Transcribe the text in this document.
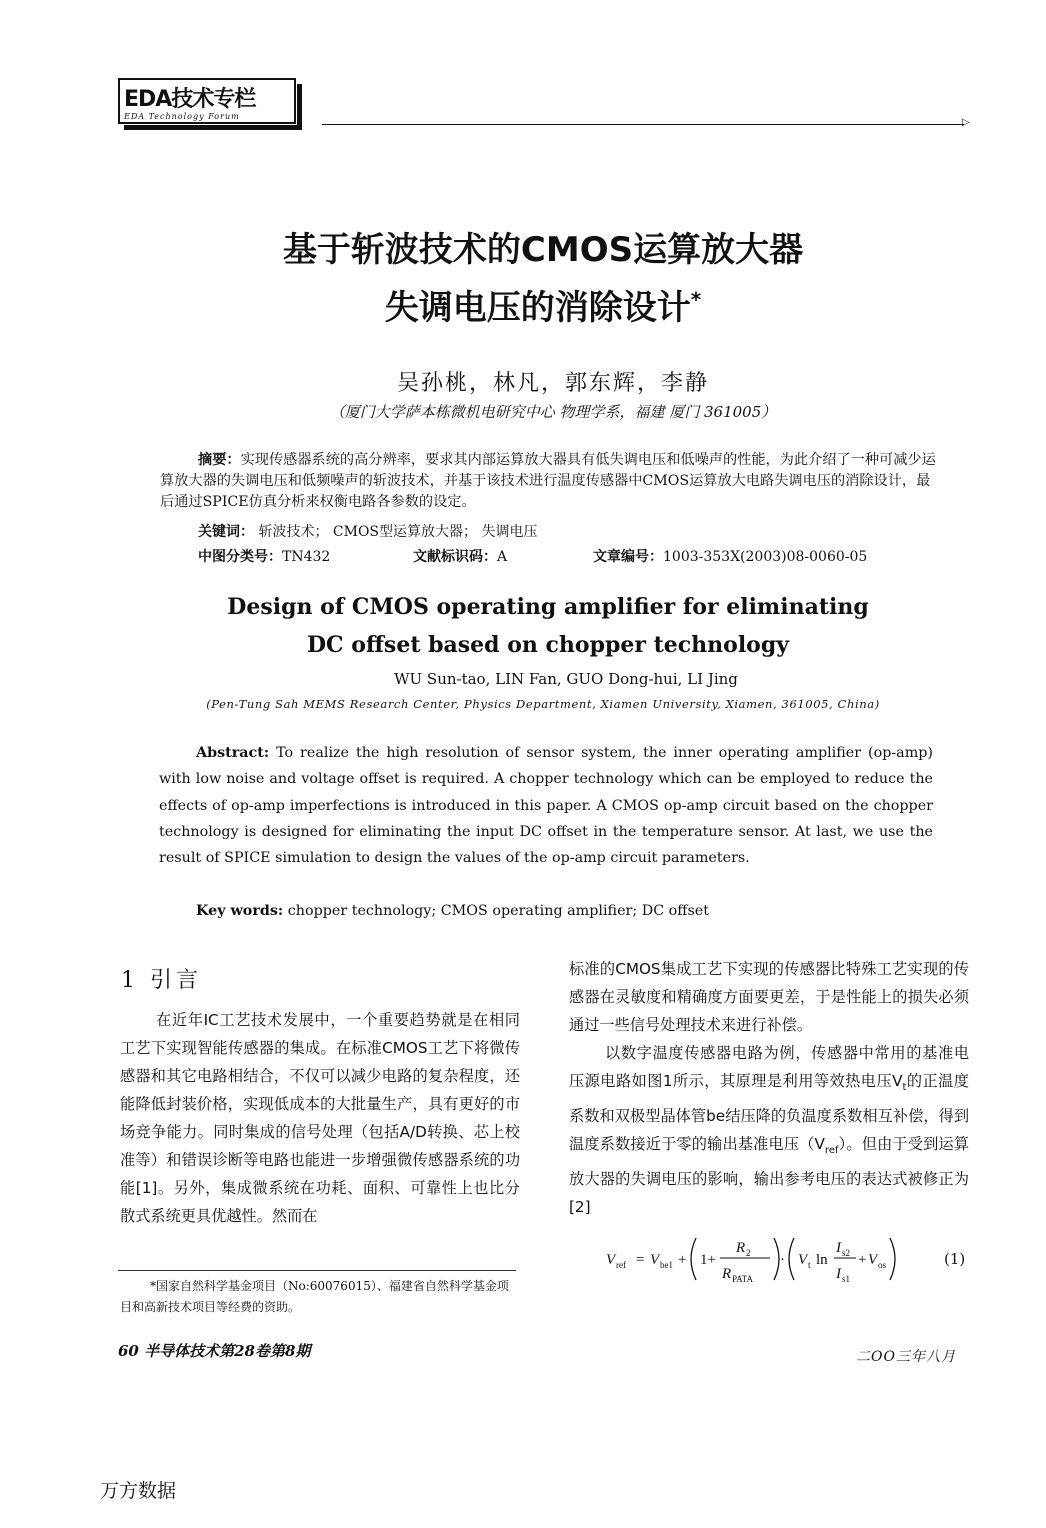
EDA技术专栏
EDA Technology Forum
▷
基于斩波技术的CMOS运算放大器
失调电压的消除设计*
吴孙桃，林凡，郭东辉，李静
（厦门大学萨本栋微机电研究中心 物理学系，福建 厦门 361005）
摘要：实现传感器系统的高分辨率，要求其内部运算放大器具有低失调电压和低噪声的性能，为此介绍了一种可减少运算放大器的失调电压和低频噪声的斩波技术，并基于该技术进行温度传感器中CMOS运算放大电路失调电压的消除设计，最后通过SPICE仿真分析来权衡电路各参数的设定。
关键词： 斩波技术； CMOS型运算放大器； 失调电压
中图分类号：TN432	文献标识码：A	文章编号：1003-353X(2003)08-0060-05
Design of CMOS operating amplifier for eliminating
DC offset based on chopper technology
WU Sun-tao, LIN Fan, GUO Dong-hui, LI Jing
(Pen-Tung Sah MEMS Research Center, Physics Department, Xiamen University, Xiamen, 361005, China)
Abstract: To realize the high resolution of sensor system, the inner operating amplifier (op-amp) with low noise and voltage offset is required. A chopper technology which can be employed to reduce the effects of op-amp imperfections is introduced in this paper. A CMOS op-amp circuit based on the chopper technology is designed for eliminating the input DC offset in the temperature sensor. At last, we use the result of SPICE simulation to design the values of the op-amp circuit parameters.
Key words: chopper technology; CMOS operating amplifier; DC offset
1 引言
在近年IC工艺技术发展中，一个重要趋势就是在相同工艺下实现智能传感器的集成。在标准CMOS工艺下将微传感器和其它电路相结合，不仅可以减少电路的复杂程度，还能降低封装价格，实现低成本的大批量生产，具有更好的市场竞争能力。同时集成的信号处理（包括A/D转换、芯上校准等）和错误诊断等电路也能进一步增强微传感器系统的功能[1]。另外，集成微系统在功耗、面积、可靠性上也比分散式系统更具优越性。然而在

标准的CMOS集成工艺下实现的传感器比特殊工艺实现的传感器在灵敏度和精确度方面要更差，于是性能上的损失必须通过一些信号处理技术来进行补偿。

以数字温度传感器电路为例，传感器中常用的基准电压源电路如图1所示，其原理是利用等效热电压$V_t$的正温度系数和双极型晶体管be结压降的负温度系数相互补偿，得到温度系数接近于零的输出基准电压$(V_{ref})$。但由于受到运算放大器的失调电压的影响，输出参考电压的表达式被修正为[2]

V ref = V be1 + 1+
R 2
R PATA
· V t ln
I s2
I s1
+ V os	(1)
*国家自然科学基金项目（No:60076015）、福建省自然科学基金项目和高新技术项目等经费的资助。
60 半导体技术第28卷第8期	二OO三年八月
万方数据
